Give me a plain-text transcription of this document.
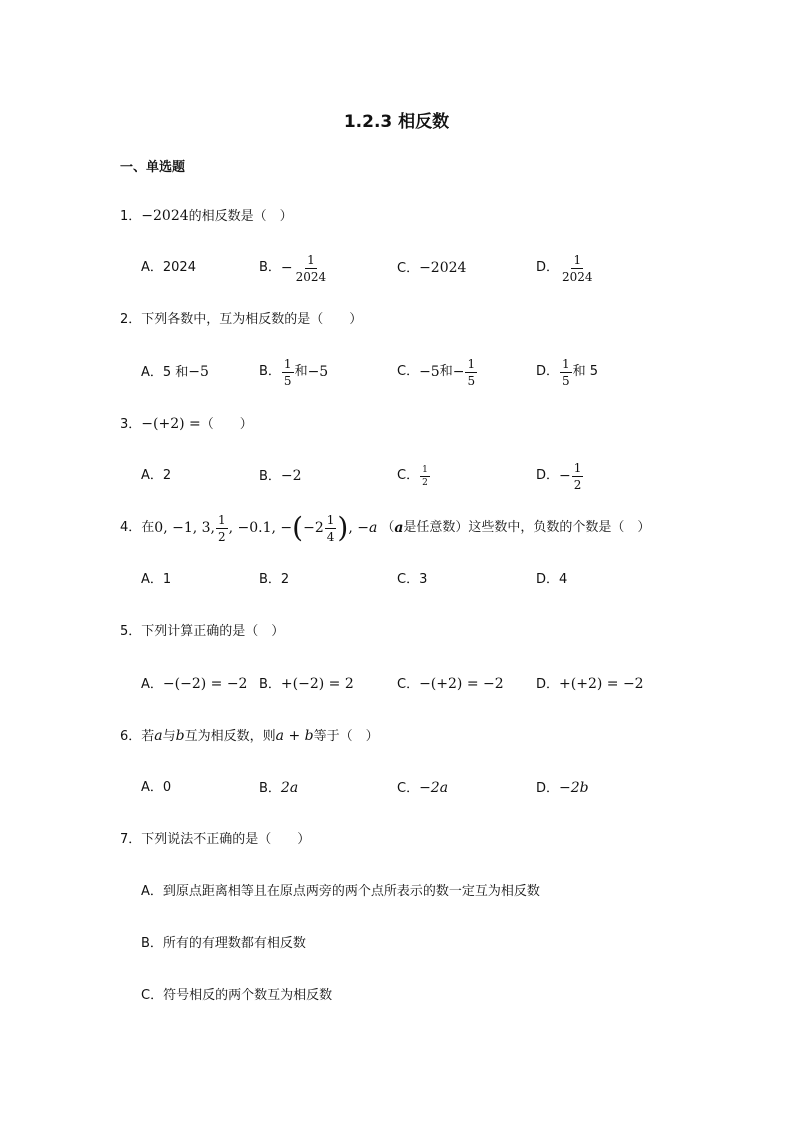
1.2.3 相反数
一、单选题
1．−2024的相反数是（　）
A．2024	B． − $\frac{1}{2024}$	C．−2024	D． $\frac{1}{2024}$
2．下列各数中，互为相反数的是（　　）
A．5 和−5	B． $\frac{1}{5}$ 和 −5	C． −5 和 − $\frac{1}{5}$	D． $\frac{1}{5}$ 和 5
3．−(+2) =（　　）
A．2	B．−2	C． $\frac{1}{2}$	D． − $\frac{1}{2}$
4． 在 0, −1, 3, $\frac{1}{2}$ , −0.1, − ( $-2 \frac{1}{4}$ ) , − a （ a 是任意数）这些数中，负数的个数是（　）
A．1	B．2	C．3	D．4
5．下列计算正确的是（　）
A．−(−2) = −2 B．+(−2) = 2	C．−(+2) = −2 D．+(+2) = −2
6．若a与b互为相反数，则a + b等于（　）
A．0	B．2a	C．−2a	D．−2b
7．下列说法不正确的是（　　）
A．到原点距离相等且在原点两旁的两个点所表示的数一定互为相反数
B．所有的有理数都有相反数
C．符号相反的两个数互为相反数
